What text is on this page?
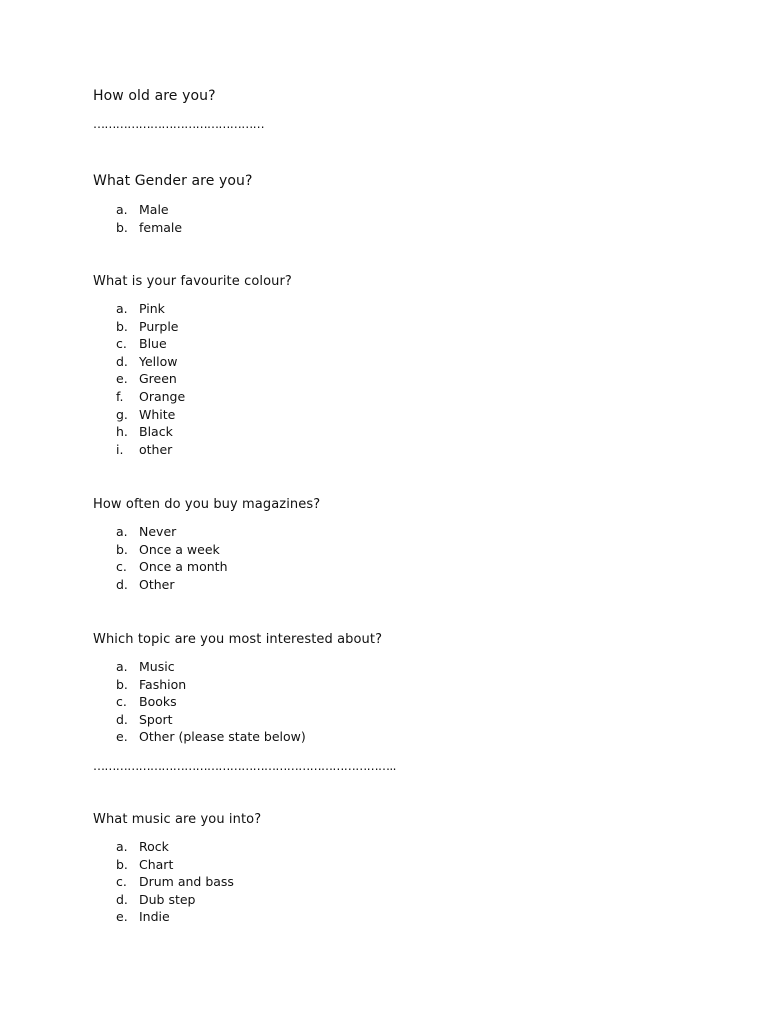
How old are you?

………………………………………

What Gender are you?

a. Male
b. female

What is your favourite colour?

a. Pink
b. Purple
c. Blue
d. Yellow
e. Green
f. Orange
g. White
h. Black
i. other

How often do you buy magazines?

a. Never
b. Once a week
c. Once a month
d. Other

Which topic are you most interested about?

a. Music
b. Fashion
c. Books
d. Sport
e. Other (please state below)

……………………………………………………………………..

What music are you into?

a. Rock
b. Chart
c. Drum and bass
d. Dub step
e. Indie
